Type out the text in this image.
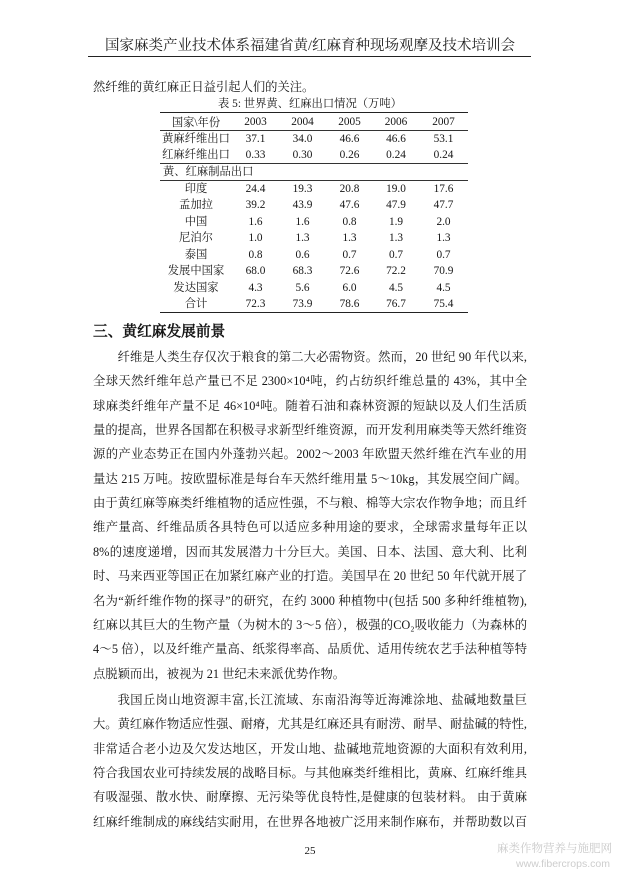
国家麻类产业技术体系福建省黄/红麻育种现场观摩及技术培训会
然纤维的黄红麻正日益引起人们的关注。
表 5: 世界黄、红麻出口情况（万吨）
国家\年份	2003	2004	2005	2006	2007
黄麻纤维出口	37.1	34.0	46.6	46.6	53.1
红麻纤维出口	0.33	0.30	0.26	0.24	0.24
黄、红麻制品出口					
印度	24.4	19.3	20.8	19.0	17.6
孟加拉	39.2	43.9	47.6	47.9	47.7
中国	1.6	1.6	0.8	1.9	2.0
尼泊尔	1.0	1.3	1.3	1.3	1.3
泰国	0.8	0.6	0.7	0.7	0.7
发展中国家	68.0	68.3	72.6	72.2	70.9
发达国家	4.3	5.6	6.0	4.5	4.5
合计	72.3	73.9	78.6	76.7	75.4
三、黄红麻发展前景
纤维是人类生存仅次于粮食的第二大必需物资。然而，20 世纪 90 年代以来,
全球天然纤维年总产量已不足 2300×10⁴吨，约占纺织纤维总量的 43%，其中全
球麻类纤维年产量不足 46×10⁴吨。随着石油和森林资源的短缺以及人们生活质
量的提高，世界各国都在积极寻求新型纤维资源，而开发利用麻类等天然纤维资
源的产业态势正在国内外蓬勃兴起。2002～2003 年欧盟天然纤维在汽车业的用
量达 215 万吨。按欧盟标准是每台车天然纤维用量 5～10kg，其发展空间广阔。
由于黄红麻等麻类纤维植物的适应性强，不与粮、棉等大宗农作物争地；而且纤
维产量高、纤维品质各具特色可以适应多种用途的要求，全球需求量每年正以
8%的速度递增，因而其发展潜力十分巨大。美国、日本、法国、意大利、比利
时、马来西亚等国正在加紧红麻产业的打造。美国早在 20 世纪 50 年代就开展了
名为“新纤维作物的探寻”的研究，在约 3000 种植物中(包括 500 多种纤维植物),
红麻以其巨大的生物产量（为树木的 3～5 倍），极强的CO₂吸收能力（为森林的
4～5 倍），以及纤维产量高、纸浆得率高、品质优、适用传统农艺手法种植等特
点脱颖而出，被视为 21 世纪未来派优势作物。
我国丘岗山地资源丰富,长江流域、东南沿海等近海滩涂地、盐碱地数量巨
大。黄红麻作物适应性强、耐瘠，尤其是红麻还具有耐涝、耐旱、耐盐碱的特性,
非常适合老小边及欠发达地区，开发山地、盐碱地荒地资源的大面积有效利用,
符合我国农业可持续发展的战略目标。与其他麻类纤维相比，黄麻、红麻纤维具
有吸湿强、散水快、耐摩擦、无污染等优良特性,是健康的包装材料。 由于黄麻
红麻纤维制成的麻线结实耐用，在世界各地被广泛用来制作麻布，并帮助数以百
25	麻类作物营养与施肥网
www.fibercrops.com
